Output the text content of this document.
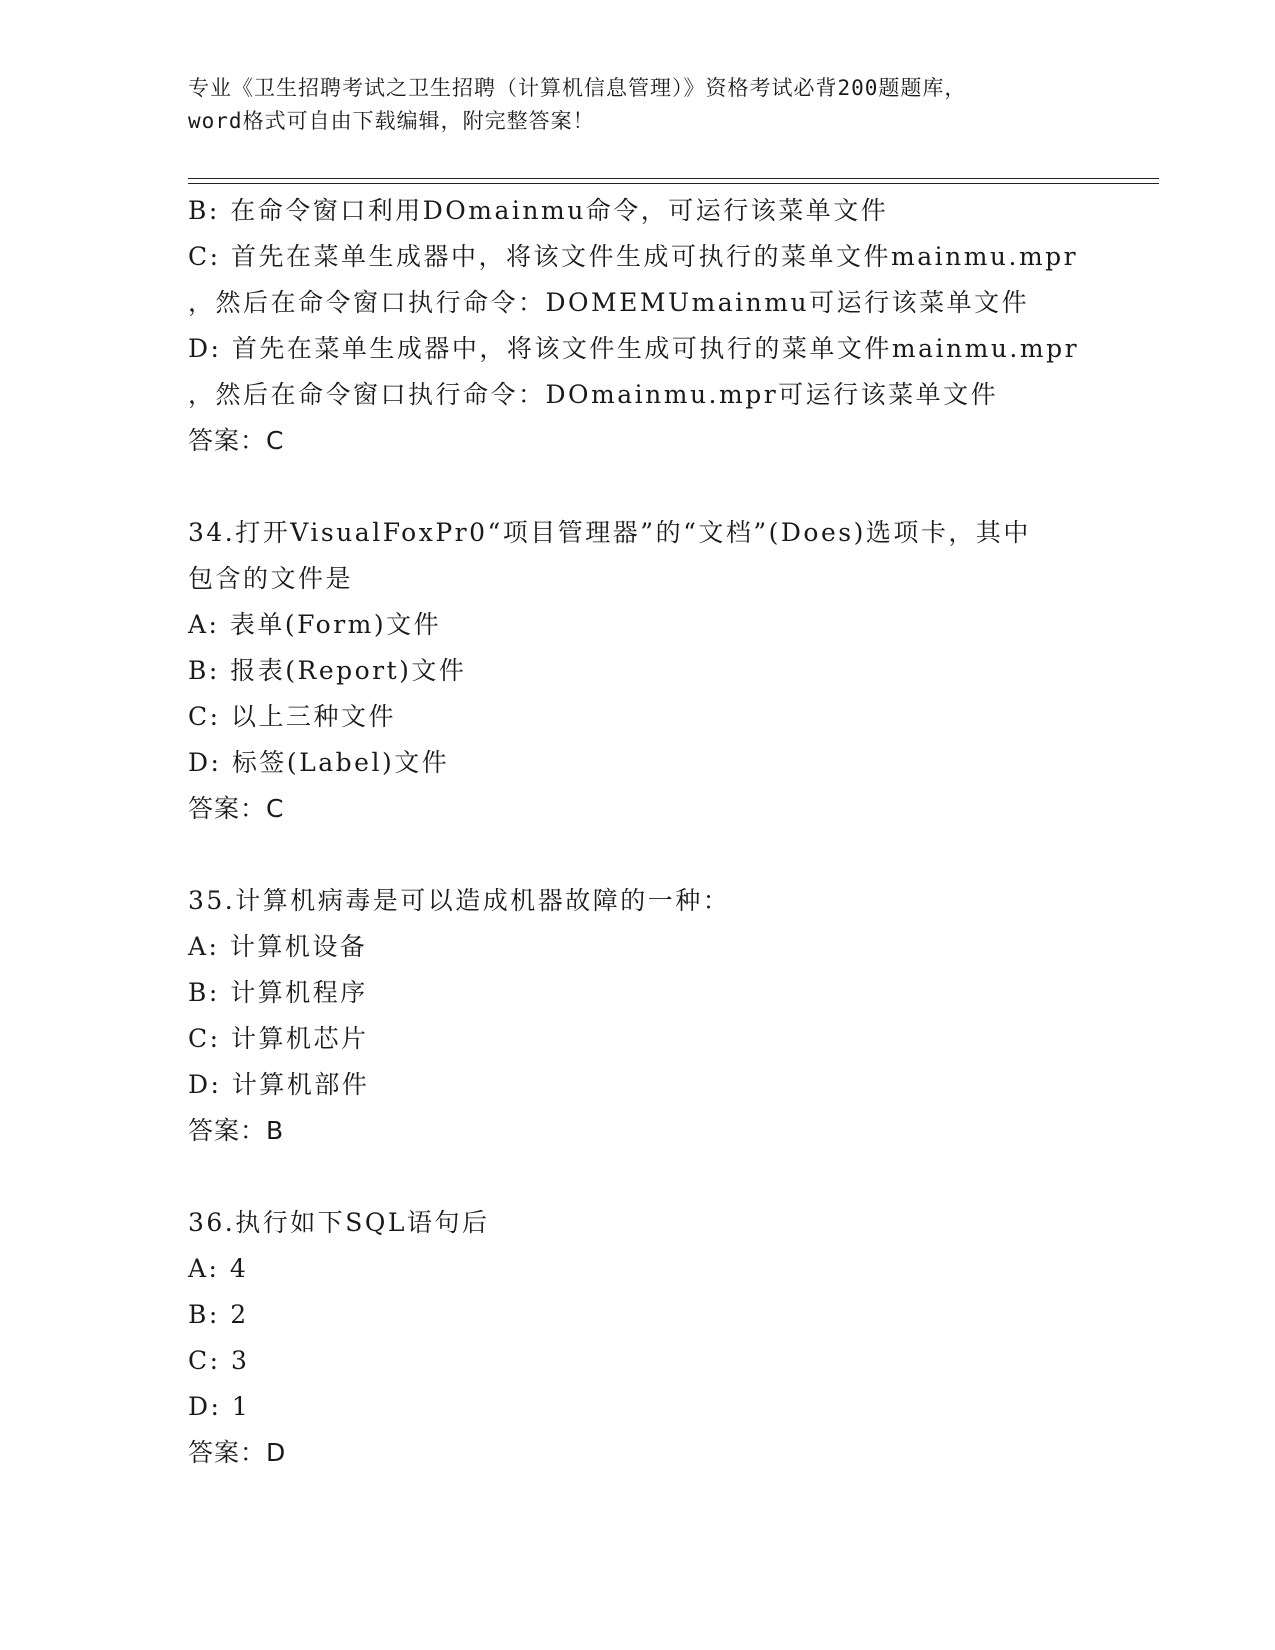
专业《卫生招聘考试之卫生招聘（计算机信息管理）》资格考试必背200题题库，
word格式可自由下载编辑，附完整答案！
B: 在命令窗口利用DOmainmu命令，可运行该菜单文件
C: 首先在菜单生成器中，将该文件生成可执行的菜单文件mainmu.mpr
，然后在命令窗口执行命令：DOMEMUmainmu可运行该菜单文件
D: 首先在菜单生成器中，将该文件生成可执行的菜单文件mainmu.mpr
，然后在命令窗口执行命令：DOmainmu.mpr可运行该菜单文件
答案：C
34.打开VisualFoxPr0“项目管理器”的“文档”(Does)选项卡，其中
包含的文件是
A: 表单(Form)文件
B: 报表(Report)文件
C: 以上三种文件
D: 标签(Label)文件
答案：C
35.计算机病毒是可以造成机器故障的一种：
A: 计算机设备
B: 计算机程序
C: 计算机芯片
D: 计算机部件
答案：B
36.执行如下SQL语句后
A: 4
B: 2
C: 3
D: 1
答案：D
